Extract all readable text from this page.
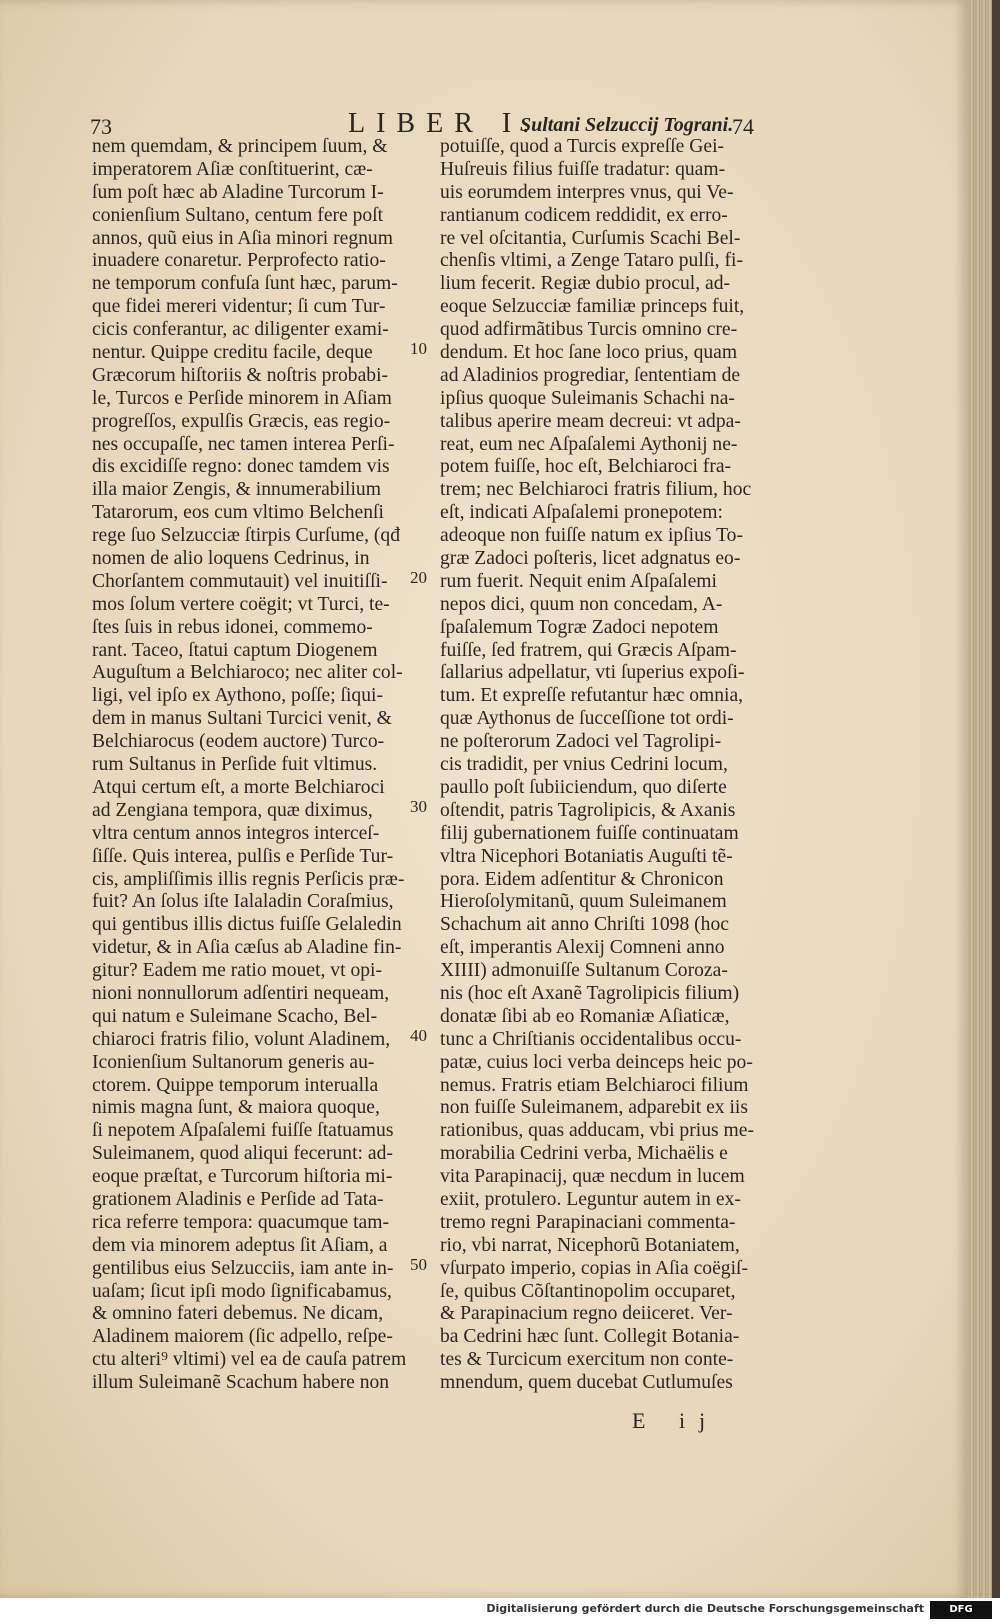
73	LIBER I.
Sultani Selzuccij Tograni.
74
nem quemdam, & principem ſuum, &
imperatorem Aſiæ conſtituerint, cæ-
ſum poſt hæc ab Aladine Turcorum I-
conienſium Sultano, centum fere poſt
annos, quũ eius in Aſia minori regnum
inuadere conaretur. Perprofecto ratio-
ne temporum confuſa ſunt hæc, parum-
que fidei mereri videntur; ſi cum Tur-
cicis conferantur, ac diligenter exami-
nentur. Quippe creditu facile, deque
Græcorum hiſtoriis & noſtris probabi-
le, Turcos e Perſide minorem in Aſiam
progreſſos, expulſis Græcis, eas regio-
nes occupaſſe, nec tamen interea Perſi-
dis excidiſſe regno: donec tamdem vis
illa maior Zengis, & innumerabilium
Tatarorum, eos cum vltimo Belchenſi
rege ſuo Selzucciæ ſtirpis Curſume, (qđ
nomen de alio loquens Cedrinus, in
Chorſantem commutauit) vel inuitiſſi-
mos ſolum vertere coëgit; vt Turci, te-
ſtes ſuis in rebus idonei, commemo-
rant. Taceo, ſtatui captum Diogenem
Auguſtum a Belchiaroco; nec aliter col-
ligi, vel ipſo ex Aythono, poſſe; ſiqui-
dem in manus Sultani Turcici venit, &
Belchiarocus (eodem auctore) Turco-
rum Sultanus in Perſide fuit vltimus.
Atqui certum eſt, a morte Belchiaroci
ad Zengiana tempora, quæ diximus,
vltra centum annos integros interceſ-
ſiſſe. Quis interea, pulſis e Perſide Tur-
cis, ampliſſimis illis regnis Perſicis præ-
fuit? An ſolus iſte Ialaladin Coraſmius,
qui gentibus illis dictus fuiſſe Gelaledin
videtur, & in Aſia cæſus ab Aladine fin-
gitur? Eadem me ratio mouet, vt opi-
nioni nonnullorum adſentiri nequeam,
qui natum e Suleimane Scacho, Bel-
chiaroci fratris filio, volunt Aladinem,
Iconienſium Sultanorum generis au-
ctorem. Quippe temporum interualla
nimis magna ſunt, & maiora quoque,
ſi nepotem Aſpaſalemi fuiſſe ſtatuamus
Suleimanem, quod aliqui fecerunt: ad-
eoque præſtat, e Turcorum hiſtoria mi-
grationem Aladinis e Perſide ad Tata-
rica referre tempora: quacumque tam-
dem via minorem adeptus ſit Aſiam, a
gentilibus eius Selzucciis, iam ante in-
uaſam; ſicut ipſi modo ſignificabamus,
& omnino fateri debemus. Ne dicam,
Aladinem maiorem (ſic adpello, reſpe-
ctu alteri⁹ vltimi) vel ea de cauſa patrem
illum Suleimanẽ Scachum habere non
potuiſſe, quod a Turcis expreſſe Gei-
Huſreuis filius fuiſſe tradatur: quam-
uis eorumdem interpres vnus, qui Ve-
rantianum codicem reddidit, ex erro-
re vel oſcitantia, Curſumis Scachi Bel-
chenſis vltimi, a Zenge Tataro pulſi, fi-
lium fecerit. Regiæ dubio procul, ad-
eoque Selzucciæ familiæ princeps fuit,
quod adfirmãtibus Turcis omnino cre-
dendum. Et hoc ſane loco prius, quam
ad Aladinios progrediar, ſententiam de
ipſius quoque Suleimanis Schachi na-
talibus aperire meam decreui: vt adpa-
reat, eum nec Aſpaſalemi Aythonij ne-
potem fuiſſe, hoc eſt, Belchiaroci fra-
trem; nec Belchiaroci fratris filium, hoc
eſt, indicati Aſpaſalemi pronepotem:
adeoque non fuiſſe natum ex ipſius To-
græ Zadoci poſteris, licet adgnatus eo-
rum fuerit. Nequit enim Aſpaſalemi
nepos dici, quum non concedam, A-
ſpaſalemum Togræ Zadoci nepotem
fuiſſe, ſed fratrem, qui Græcis Aſpam-
ſallarius adpellatur, vti ſuperius expoſi-
tum. Et expreſſe refutantur hæc omnia,
quæ Aythonus de ſucceſſione tot ordi-
ne poſterorum Zadoci vel Tagrolipi-
cis tradidit, per vnius Cedrini locum,
paullo poſt ſubiiciendum, quo diſerte
oſtendit, patris Tagrolipicis, & Axanis
filij gubernationem fuiſſe continuatam
vltra Nicephori Botaniatis Auguſti tẽ-
pora. Eidem adſentitur & Chronicon
Hieroſolymitanũ, quum Suleimanem
Schachum ait anno Chriſti 1098 (hoc
eſt, imperantis Alexij Comneni anno
XIIII) admonuiſſe Sultanum Coroza-
nis (hoc eſt Axanẽ Tagrolipicis filium)
donatæ ſibi ab eo Romaniæ Aſiaticæ,
tunc a Chriſtianis occidentalibus occu-
patæ, cuius loci verba deinceps heic po-
nemus. Fratris etiam Belchiaroci filium
non fuiſſe Suleimanem, adparebit ex iis
rationibus, quas adducam, vbi prius me-
morabilia Cedrini verba, Michaëlis e
vita Parapinacij, quæ necdum in lucem
exiit, protulero. Leguntur autem in ex-
tremo regni Parapinaciani commenta-
rio, vbi narrat, Nicephorũ Botaniatem,
vſurpato imperio, copias in Aſia coëgiſ-
ſe, quibus Cõſtantinopolim occuparet,
& Parapinacium regno deiiceret. Ver-
ba Cedrini hæc ſunt. Collegit Botania-
tes & Turcicum exercitum non conte-
mnendum, quem ducebat Cutlumuſes
10
20
30
40
50
E ij
Digitalisierung gefördert durch die Deutsche Forschungsgemeinschaft	DFG
